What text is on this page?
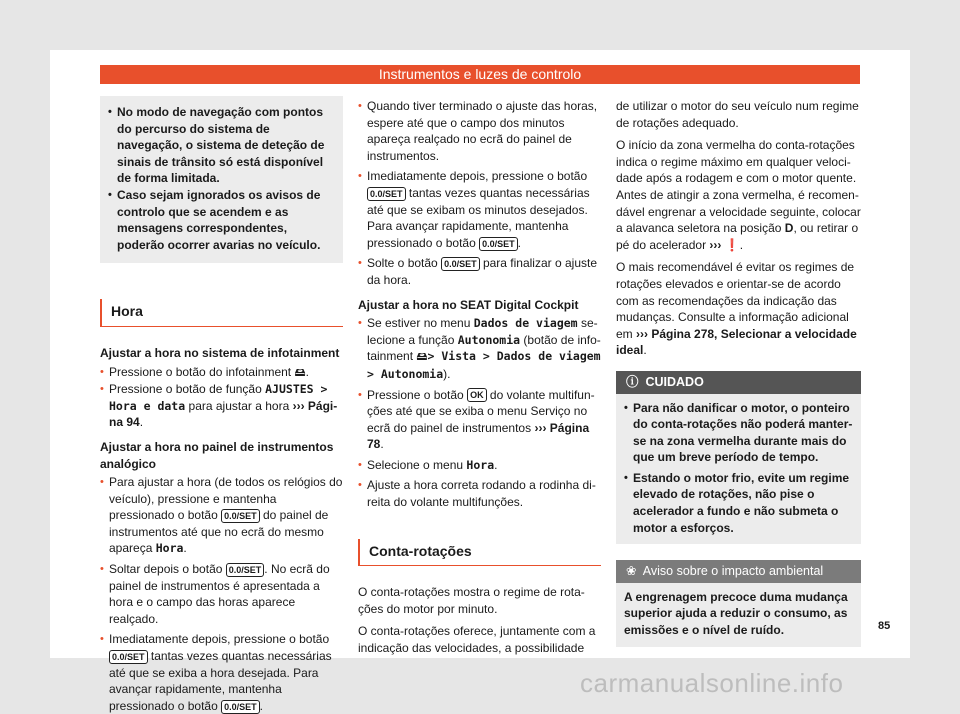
Instrumentos e luzes de controlo
• No modo de navegação com pontos do percurso do sistema de navegação, o sistema de deteção de sinais de trânsito só está disponível de forma limitada.
• Caso sejam ignorados os avisos de controlo que se acendem e as mensagens correspondentes, poderão ocorrer avarias no veículo.
Hora

Ajustar a hora no sistema de infotainment

• Pressione o botão do infotainment 🖴.
• Pressione o botão de função AJUSTES > Hora e data para ajustar a hora ››› Página 94.

Ajustar a hora no painel de instrumentos analógico

• Para ajustar a hora (de todos os relógios do veículo), pressione e mantenha pressionado o botão 0.0/SET do painel de instrumentos até que no ecrã do mesmo apareça Hora.
• Soltar depois o botão 0.0/SET . No ecrã do painel de instrumentos é apresentada a hora e o campo das horas aparece realçado.
• Imediatamente depois, pressione o botão 0.0/SET tantas vezes quantas necessárias até que se exiba a hora desejada. Para avançar rapidamente, mantenha pressionado o botão 0.0/SET .
• Quando tiver terminado o ajuste das horas, espere até que o campo dos minutos apareça realçado no ecrã do painel de instrumentos.
• Imediatamente depois, pressione o botão 0.0/SET tantas vezes quantas necessárias até que se exibam os minutos desejados. Para avançar rapidamente, mantenha pressionado o botão 0.0/SET .
• Solte o botão 0.0/SET para finalizar o ajuste da hora.

Ajustar a hora no SEAT Digital Cockpit

• Se estiver no menu Dados de viagem selecione a função Autonomia (botão de infotainment 🖴> Vista > Dados de viagem > Autonomia).
• Pressione o botão OK do volante multifunções até que se exiba o menu Serviço no ecrã do painel de instrumentos ››› Página 78.
• Selecione o menu Hora.
• Ajuste a hora correta rodando a rodinha direita do volante multifunções.
Conta-rotações

O conta-rotações mostra o regime de rotações do motor por minuto.

O conta-rotações oferece, juntamente com a indicação das velocidades, a possibilidade

de utilizar o motor do seu veículo num regime de rotações adequado.

O início da zona vermelha do conta-rotações indica o regime máximo em qualquer velocidade após a rodagem e com o motor quente. Antes de atingir a zona vermelha, é recomendável engrenar a velocidade seguinte, colocar a alavanca seletora na posição D, ou retirar o pé do acelerador ››› ❗.

O mais recomendável é evitar os regimes de rotações elevados e orientar-se de acordo com as recomendações da indicação das mudanças. Consulte a informação adicional em ››› Página 278, Selecionar a velocidade ideal.

ⓘ CUIDADO
• Para não danificar o motor, o ponteiro do conta-rotações não poderá manter-se na zona vermelha durante mais do que um breve período de tempo.
• Estando o motor frio, evite um regime elevado de rotações, não pise o acelerador a fundo e não submeta o motor a esforços.
❀ Aviso sobre o impacto ambiental
A engrenagem precoce duma mudança superior ajuda a reduzir o consumo, as emissões e o nível de ruído.	85
carmanualsonline.info
